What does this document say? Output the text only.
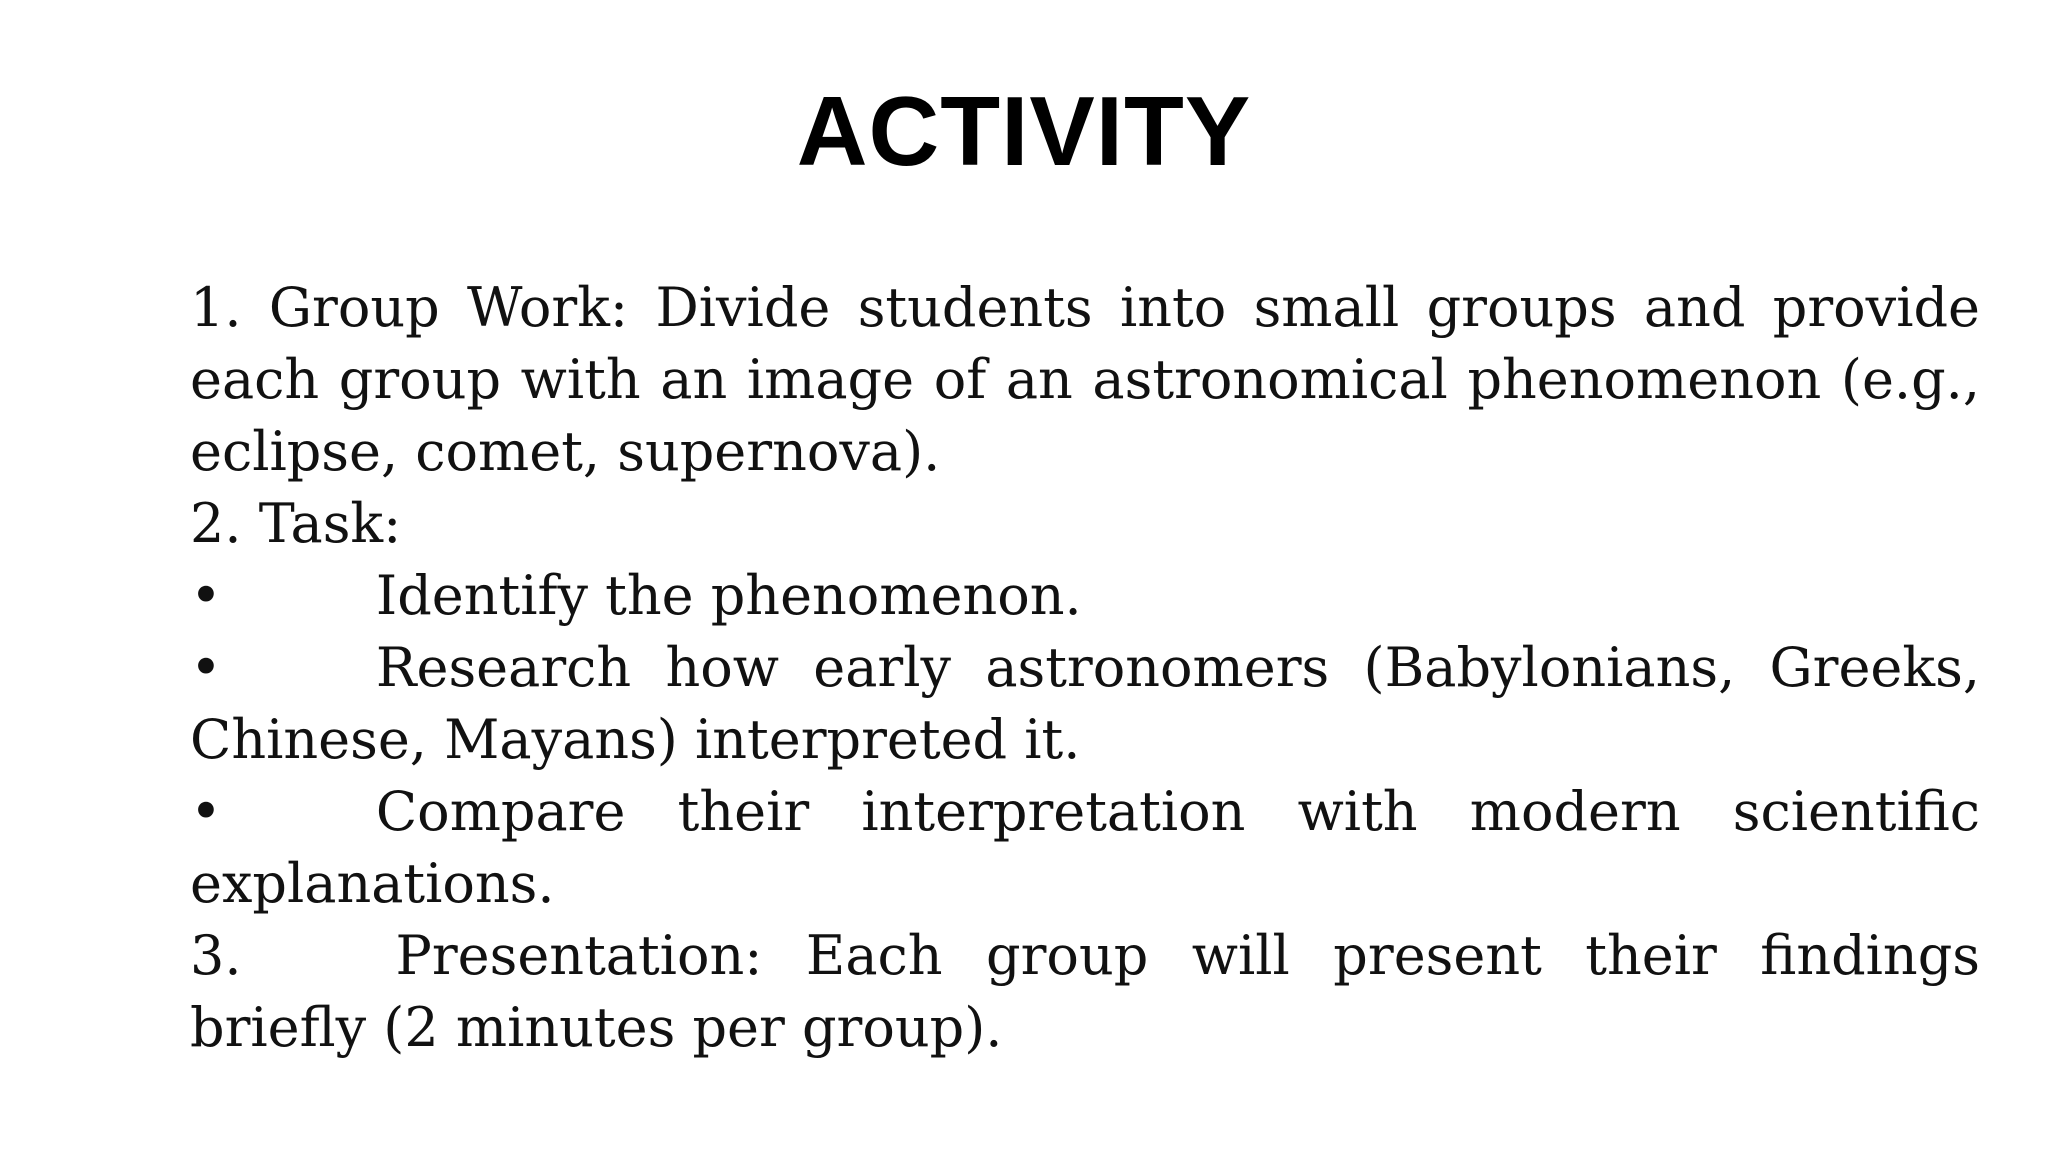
ACTIVITY

1. Group Work: Divide students into small groups and provide each group with an image of an astronomical phenomenon (e.g., eclipse, comet, supernova).

2. Task:

•	Identify the phenomenon.

•	Research how early astronomers (Babylonians, Greeks, Chinese, Mayans) interpreted it.

•	Compare their interpretation with modern scientific explanations.

3.	Presentation: Each group will present their findings briefly (2 minutes per group).
